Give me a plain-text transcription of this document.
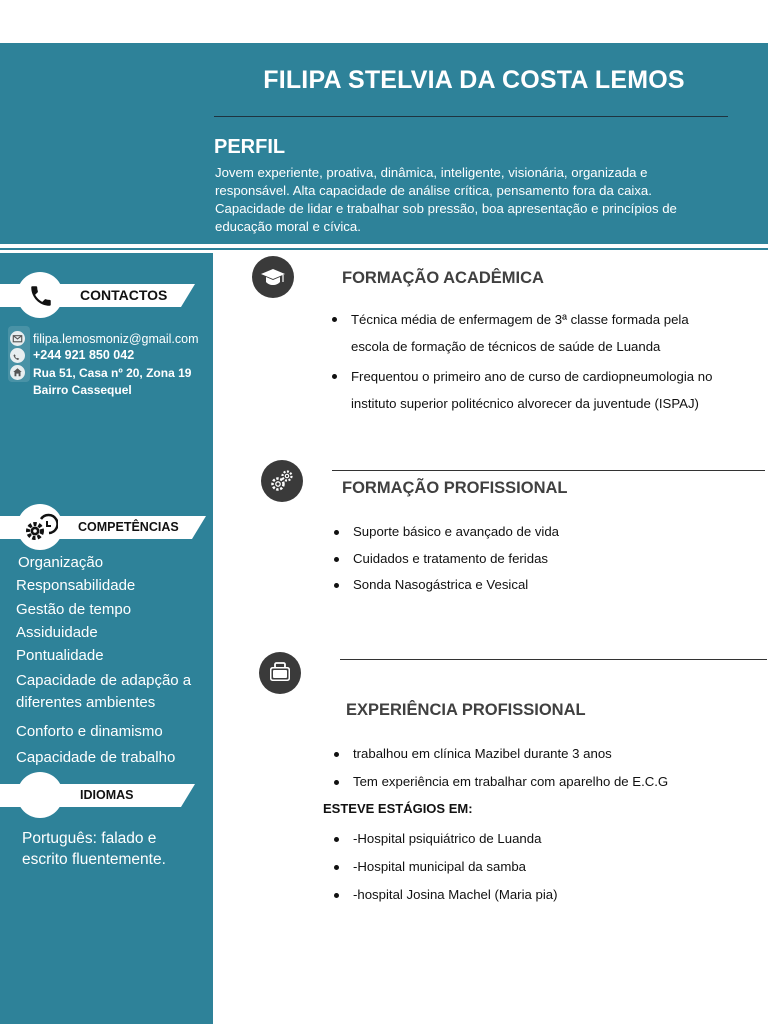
FILIPA STELVIA DA COSTA LEMOS
PERFIL
Jovem experiente, proativa, dinâmica, inteligente, visionária, organizada e responsável. Alta capacidade de análise crítica, pensamento fora da caixa. Capacidade de lidar e trabalhar sob pressão, boa apresentação e princípios de educação moral e cívica.
CONTACTOS
filipa.lemosmoniz@gmail.com
+244 921 850 042
Rua 51, Casa nº 20, Zona 19
Bairro Cassequel
COMPETÊNCIAS
Organização
Responsabilidade
Gestão de tempo
Assiduidade
Pontualidade
Capacidade de adapção a diferentes ambientes
Conforto e dinamismo
Capacidade de trabalho
IDIOMAS
Português: falado e escrito fluentemente.
FORMAÇÃO ACADÊMICA
Técnica média de enfermagem de 3ª classe formada pela escola de formação de técnicos de saúde de Luanda
Frequentou o primeiro ano de curso de cardiopneumologia no instituto superior politécnico alvorecer da juventude (ISPAJ)
FORMAÇÃO PROFISSIONAL
Suporte básico e avançado de vida
Cuidados e tratamento de feridas
Sonda Nasogástrica e Vesical
EXPERIÊNCIA PROFISSIONAL
trabalhou em clínica Mazibel durante 3 anos
Tem experiência em trabalhar com aparelho de E.C.G
ESTEVE ESTÁGIOS EM:
-Hospital psiquiátrico de Luanda
-Hospital municipal da samba
-hospital Josina Machel (Maria pia)
